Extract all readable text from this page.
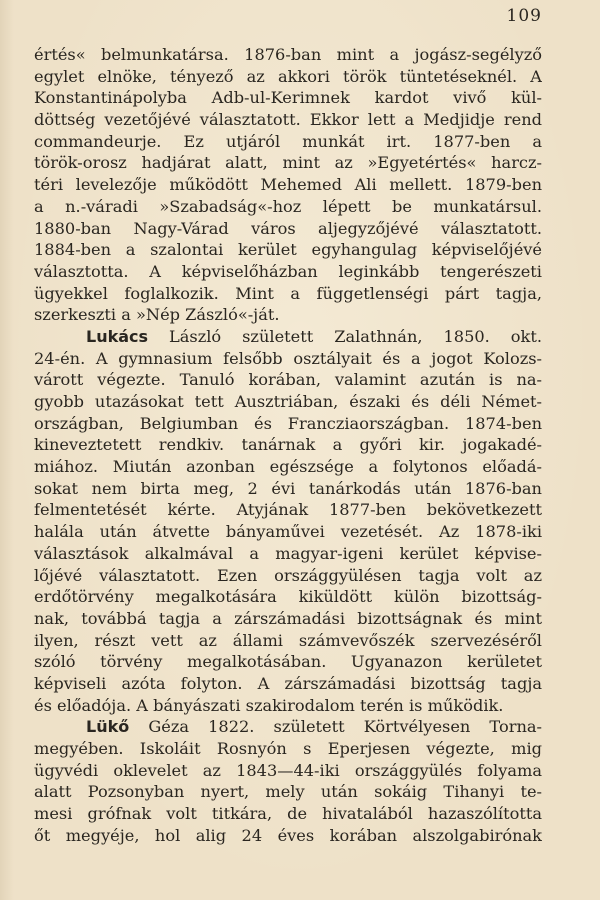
109
értés« belmunkatársa. 1876-ban mint a jogász-segélyző
egylet elnöke, tényező az akkori török tüntetéseknél. A
Konstantinápolyba Adb-ul-Kerimnek kardot vivő kül-
döttség vezetőjévé választatott. Ekkor lett a Medjidje rend
commandeurje. Ez utjáról munkát irt. 1877-ben a
török-orosz hadjárat alatt, mint az »Egyetértés« harcz-
téri levelezője működött Mehemed Ali mellett. 1879-ben
a n.-váradi »Szabadság«-hoz lépett be munkatársul.
1880-ban Nagy-Várad város aljegyzőjévé választatott.
1884-ben a szalontai kerület egyhangulag képviselőjévé
választotta. A képviselőházban leginkább tengerészeti
ügyekkel foglalkozik. Mint a függetlenségi párt tagja,
szerkeszti a »Nép Zászló«-ját.
Lukács László született Zalathnán, 1850. okt.
24-én. A gymnasium felsőbb osztályait és a jogot Kolozs-
várott végezte. Tanuló korában, valamint azután is na-
gyobb utazásokat tett Ausztriában, északi és déli Német-
országban, Belgiumban és Francziaországban. 1874-ben
kineveztetett rendkiv. tanárnak a győri kir. jogakadé-
miához. Miután azonban egészsége a folytonos előadá-
sokat nem birta meg, 2 évi tanárkodás után 1876-ban
felmentetését kérte. Atyjának 1877-ben bekövetkezett
halála után átvette bányaművei vezetését. Az 1878-iki
választások alkalmával a magyar-igeni kerület képvise-
lőjévé választatott. Ezen országgyülésen tagja volt az
erdőtörvény megalkotására kiküldött külön bizottság-
nak, továbbá tagja a zárszámadási bizottságnak és mint
ilyen, részt vett az állami számvevőszék szervezéséről
szóló törvény megalkotásában. Ugyanazon kerületet
képviseli azóta folyton. A zárszámadási bizottság tagja
és előadója. A bányászati szakirodalom terén is működik.
Lükő Géza 1822. született Körtvélyesen Torna-
megyében. Iskoláit Rosnyón s Eperjesen végezte, mig
ügyvédi oklevelet az 1843—44-iki országgyülés folyama
alatt Pozsonyban nyert, mely után sokáig Tihanyi te-
mesi grófnak volt titkára, de hivatalából hazaszólította
őt megyéje, hol alig 24 éves korában alszolgabirónak
